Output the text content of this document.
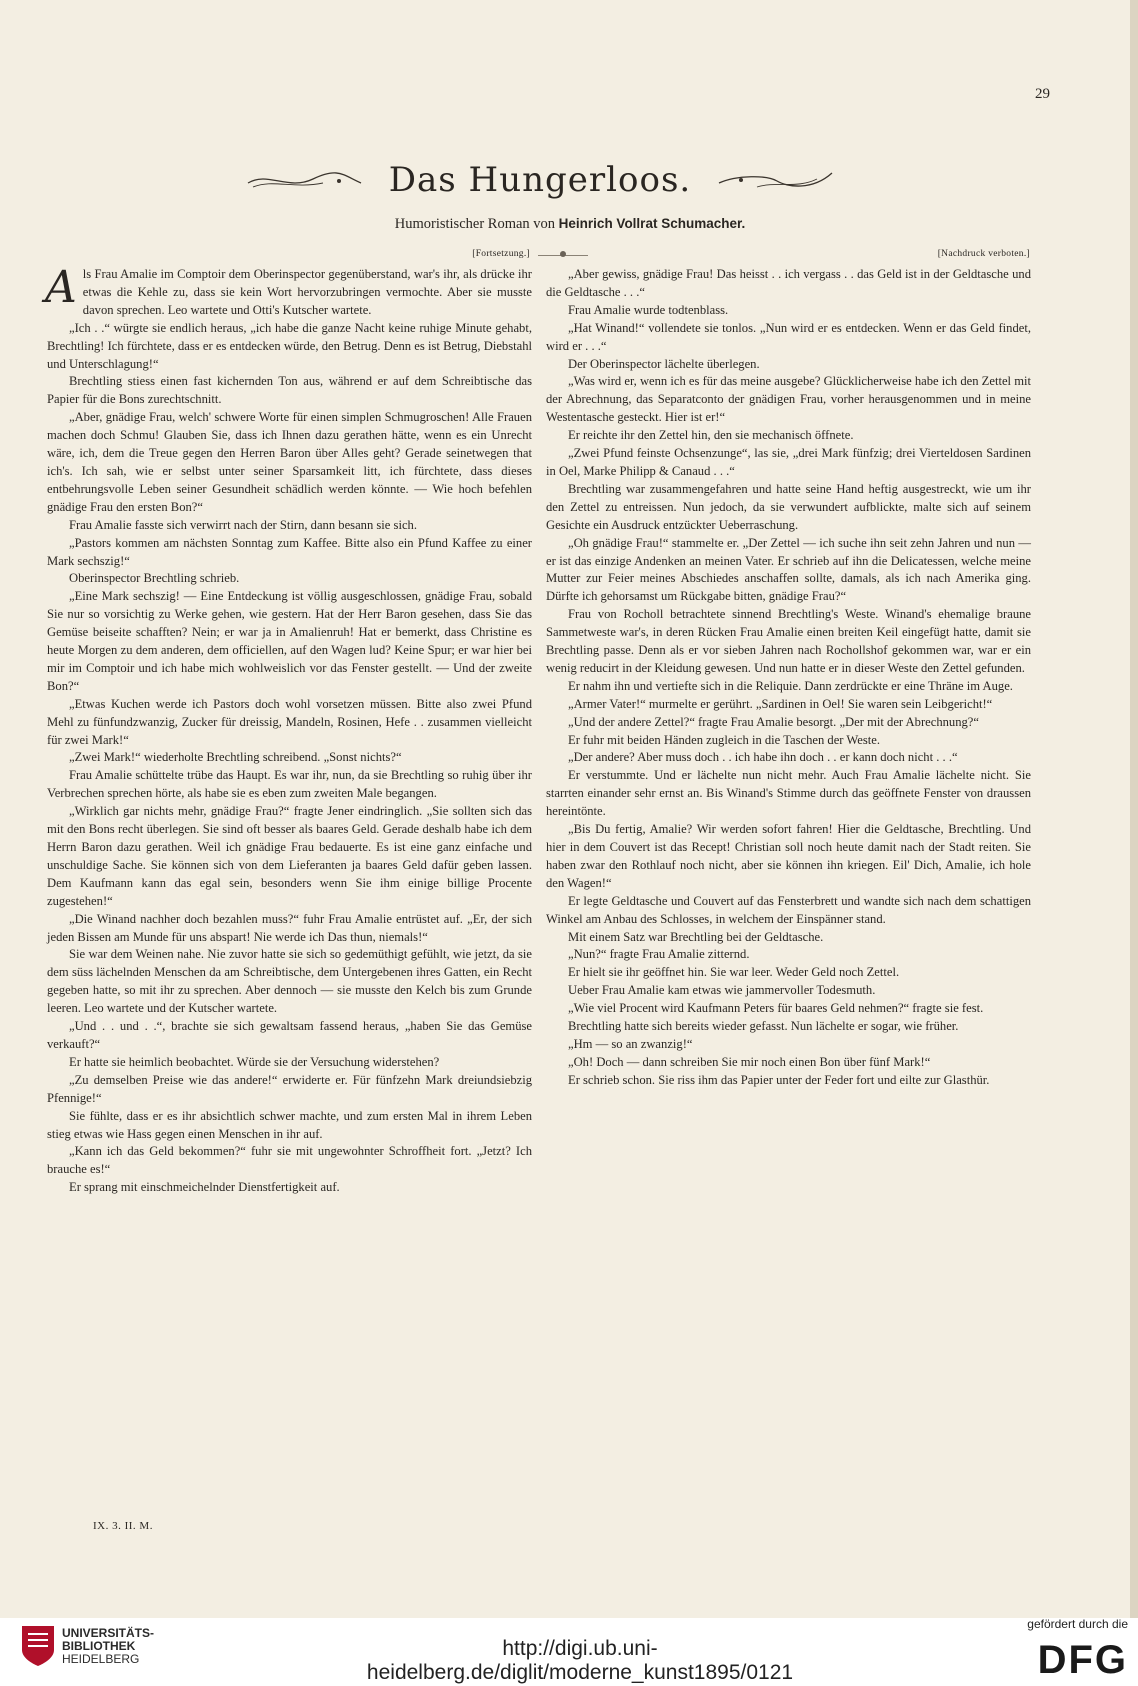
29
Das Hungerloos.
Humoristischer Roman von Heinrich Vollrat Schumacher.
[Fortsetzung.]	[Nachdruck verboten.]

Als Frau Amalie im Comptoir dem Oberinspector gegenüberstand, war's ihr, als drücke ihr etwas die Kehle zu, dass sie kein Wort hervorzubringen vermochte. Aber sie musste davon sprechen. Leo wartete und Otti's Kutscher wartete.

„Ich . .“ würgte sie endlich heraus, „ich habe die ganze Nacht keine ruhige Minute gehabt, Brechtling! Ich fürchtete, dass er es entdecken würde, den Betrug. Denn es ist Betrug, Diebstahl und Unterschlagung!“

Brechtling stiess einen fast kichernden Ton aus, während er auf dem Schreibtische das Papier für die Bons zurechtschnitt.

„Aber, gnädige Frau, welch' schwere Worte für einen simplen Schmugroschen! Alle Frauen machen doch Schmu! Glauben Sie, dass ich Ihnen dazu gerathen hätte, wenn es ein Unrecht wäre, ich, dem die Treue gegen den Herren Baron über Alles geht? Gerade seinetwegen that ich's. Ich sah, wie er selbst unter seiner Sparsamkeit litt, ich fürchtete, dass dieses entbehrungsvolle Leben seiner Gesundheit schädlich werden könnte. — Wie hoch befehlen gnädige Frau den ersten Bon?“

Frau Amalie fasste sich verwirrt nach der Stirn, dann besann sie sich.

„Pastors kommen am nächsten Sonntag zum Kaffee. Bitte also ein Pfund Kaffee zu einer Mark sechszig!“

Oberinspector Brechtling schrieb.

„Eine Mark sechszig! — Eine Entdeckung ist völlig ausgeschlossen, gnädige Frau, sobald Sie nur so vorsichtig zu Werke gehen, wie gestern. Hat der Herr Baron gesehen, dass Sie das Gemüse beiseite schafften? Nein; er war ja in Amalienruh! Hat er bemerkt, dass Christine es heute Morgen zu dem anderen, dem officiellen, auf den Wagen lud? Keine Spur; er war hier bei mir im Comptoir und ich habe mich wohlweislich vor das Fenster gestellt. — Und der zweite Bon?“

„Etwas Kuchen werde ich Pastors doch wohl vorsetzen müssen. Bitte also zwei Pfund Mehl zu fünfundzwanzig, Zucker für dreissig, Mandeln, Rosinen, Hefe . . zusammen vielleicht für zwei Mark!“

„Zwei Mark!“ wiederholte Brechtling schreibend. „Sonst nichts?“

Frau Amalie schüttelte trübe das Haupt. Es war ihr, nun, da sie Brechtling so ruhig über ihr Verbrechen sprechen hörte, als habe sie es eben zum zweiten Male begangen.

„Wirklich gar nichts mehr, gnädige Frau?“ fragte Jener eindringlich. „Sie sollten sich das mit den Bons recht überlegen. Sie sind oft besser als baares Geld. Gerade deshalb habe ich dem Herrn Baron dazu gerathen. Weil ich gnädige Frau bedauerte. Es ist eine ganz einfache und unschuldige Sache. Sie können sich von dem Lieferanten ja baares Geld dafür geben lassen. Dem Kaufmann kann das egal sein, besonders wenn Sie ihm einige billige Procente zugestehen!“

„Die Winand nachher doch bezahlen muss?“ fuhr Frau Amalie entrüstet auf. „Er, der sich jeden Bissen am Munde für uns abspart! Nie werde ich Das thun, niemals!“

Sie war dem Weinen nahe. Nie zuvor hatte sie sich so gedemüthigt gefühlt, wie jetzt, da sie dem süss lächelnden Menschen da am Schreibtische, dem Untergebenen ihres Gatten, ein Recht gegeben hatte, so mit ihr zu sprechen. Aber dennoch — sie musste den Kelch bis zum Grunde leeren. Leo wartete und der Kutscher wartete.

„Und . . und . .“, brachte sie sich gewaltsam fassend heraus, „haben Sie das Gemüse verkauft?“

Er hatte sie heimlich beobachtet. Würde sie der Versuchung widerstehen?

„Zu demselben Preise wie das andere!“ erwiderte er. Für fünfzehn Mark dreiundsiebzig Pfennige!“

Sie fühlte, dass er es ihr absichtlich schwer machte, und zum ersten Mal in ihrem Leben stieg etwas wie Hass gegen einen Menschen in ihr auf.

„Kann ich das Geld bekommen?“ fuhr sie mit ungewohnter Schroffheit fort. „Jetzt? Ich brauche es!“

Er sprang mit einschmeichelnder Dienstfertigkeit auf.

„Aber gewiss, gnädige Frau! Das heisst . . ich vergass . . das Geld ist in der Geldtasche und die Geldtasche . . .“

Frau Amalie wurde todtenblass.

„Hat Winand!“ vollendete sie tonlos. „Nun wird er es entdecken. Wenn er das Geld findet, wird er . . .“

Der Oberinspector lächelte überlegen.

„Was wird er, wenn ich es für das meine ausgebe? Glücklicherweise habe ich den Zettel mit der Abrechnung, das Separatconto der gnädigen Frau, vorher herausgenommen und in meine Westentasche gesteckt. Hier ist er!“

Er reichte ihr den Zettel hin, den sie mechanisch öffnete.

„Zwei Pfund feinste Ochsenzunge“, las sie, „drei Mark fünfzig; drei Vierteldosen Sardinen in Oel, Marke Philipp & Canaud . . .“

Brechtling war zusammengefahren und hatte seine Hand heftig ausgestreckt, wie um ihr den Zettel zu entreissen. Nun jedoch, da sie verwundert aufblickte, malte sich auf seinem Gesichte ein Ausdruck entzückter Ueberraschung.

„Oh gnädige Frau!“ stammelte er. „Der Zettel — ich suche ihn seit zehn Jahren und nun — er ist das einzige Andenken an meinen Vater. Er schrieb auf ihn die Delicatessen, welche meine Mutter zur Feier meines Abschiedes anschaffen sollte, damals, als ich nach Amerika ging. Dürfte ich gehorsamst um Rückgabe bitten, gnädige Frau?“

Frau von Rocholl betrachtete sinnend Brechtling's Weste. Winand's ehemalige braune Sammetweste war's, in deren Rücken Frau Amalie einen breiten Keil eingefügt hatte, damit sie Brechtling passe. Denn als er vor sieben Jahren nach Rochollshof gekommen war, war er ein wenig reducirt in der Kleidung gewesen. Und nun hatte er in dieser Weste den Zettel gefunden.

Er nahm ihn und vertiefte sich in die Reliquie. Dann zerdrückte er eine Thräne im Auge.

„Armer Vater!“ murmelte er gerührt. „Sardinen in Oel! Sie waren sein Leibgericht!“

„Und der andere Zettel?“ fragte Frau Amalie besorgt. „Der mit der Abrechnung?“

Er fuhr mit beiden Händen zugleich in die Taschen der Weste.

„Der andere? Aber muss doch . . ich habe ihn doch . . er kann doch nicht . . .“

Er verstummte. Und er lächelte nun nicht mehr. Auch Frau Amalie lächelte nicht. Sie starrten einander sehr ernst an. Bis Winand's Stimme durch das geöffnete Fenster von draussen hereintönte.

„Bis Du fertig, Amalie? Wir werden sofort fahren! Hier die Geldtasche, Brechtling. Und hier in dem Couvert ist das Recept! Christian soll noch heute damit nach der Stadt reiten. Sie haben zwar den Rothlauf noch nicht, aber sie können ihn kriegen. Eil' Dich, Amalie, ich hole den Wagen!“

Er legte Geldtasche und Couvert auf das Fensterbrett und wandte sich nach dem schattigen Winkel am Anbau des Schlosses, in welchem der Einspänner stand.

Mit einem Satz war Brechtling bei der Geldtasche.

„Nun?“ fragte Frau Amalie zitternd.

Er hielt sie ihr geöffnet hin. Sie war leer. Weder Geld noch Zettel.

Ueber Frau Amalie kam etwas wie jammervoller Todesmuth.

„Wie viel Procent wird Kaufmann Peters für baares Geld nehmen?“ fragte sie fest.

Brechtling hatte sich bereits wieder gefasst. Nun lächelte er sogar, wie früher.

„Hm — so an zwanzig!“

„Oh! Doch — dann schreiben Sie mir noch einen Bon über fünf Mark!“

Er schrieb schon. Sie riss ihm das Papier unter der Feder fort und eilte zur Glasthür.

IX. 3. II. M.
UNIVERSITÄTS-
BIBLIOTHEK
HEIDELBERG	http://digi.ub.uni-heidelberg.de/diglit/moderne_kunst1895/0121
gefördert durch die
DFG
